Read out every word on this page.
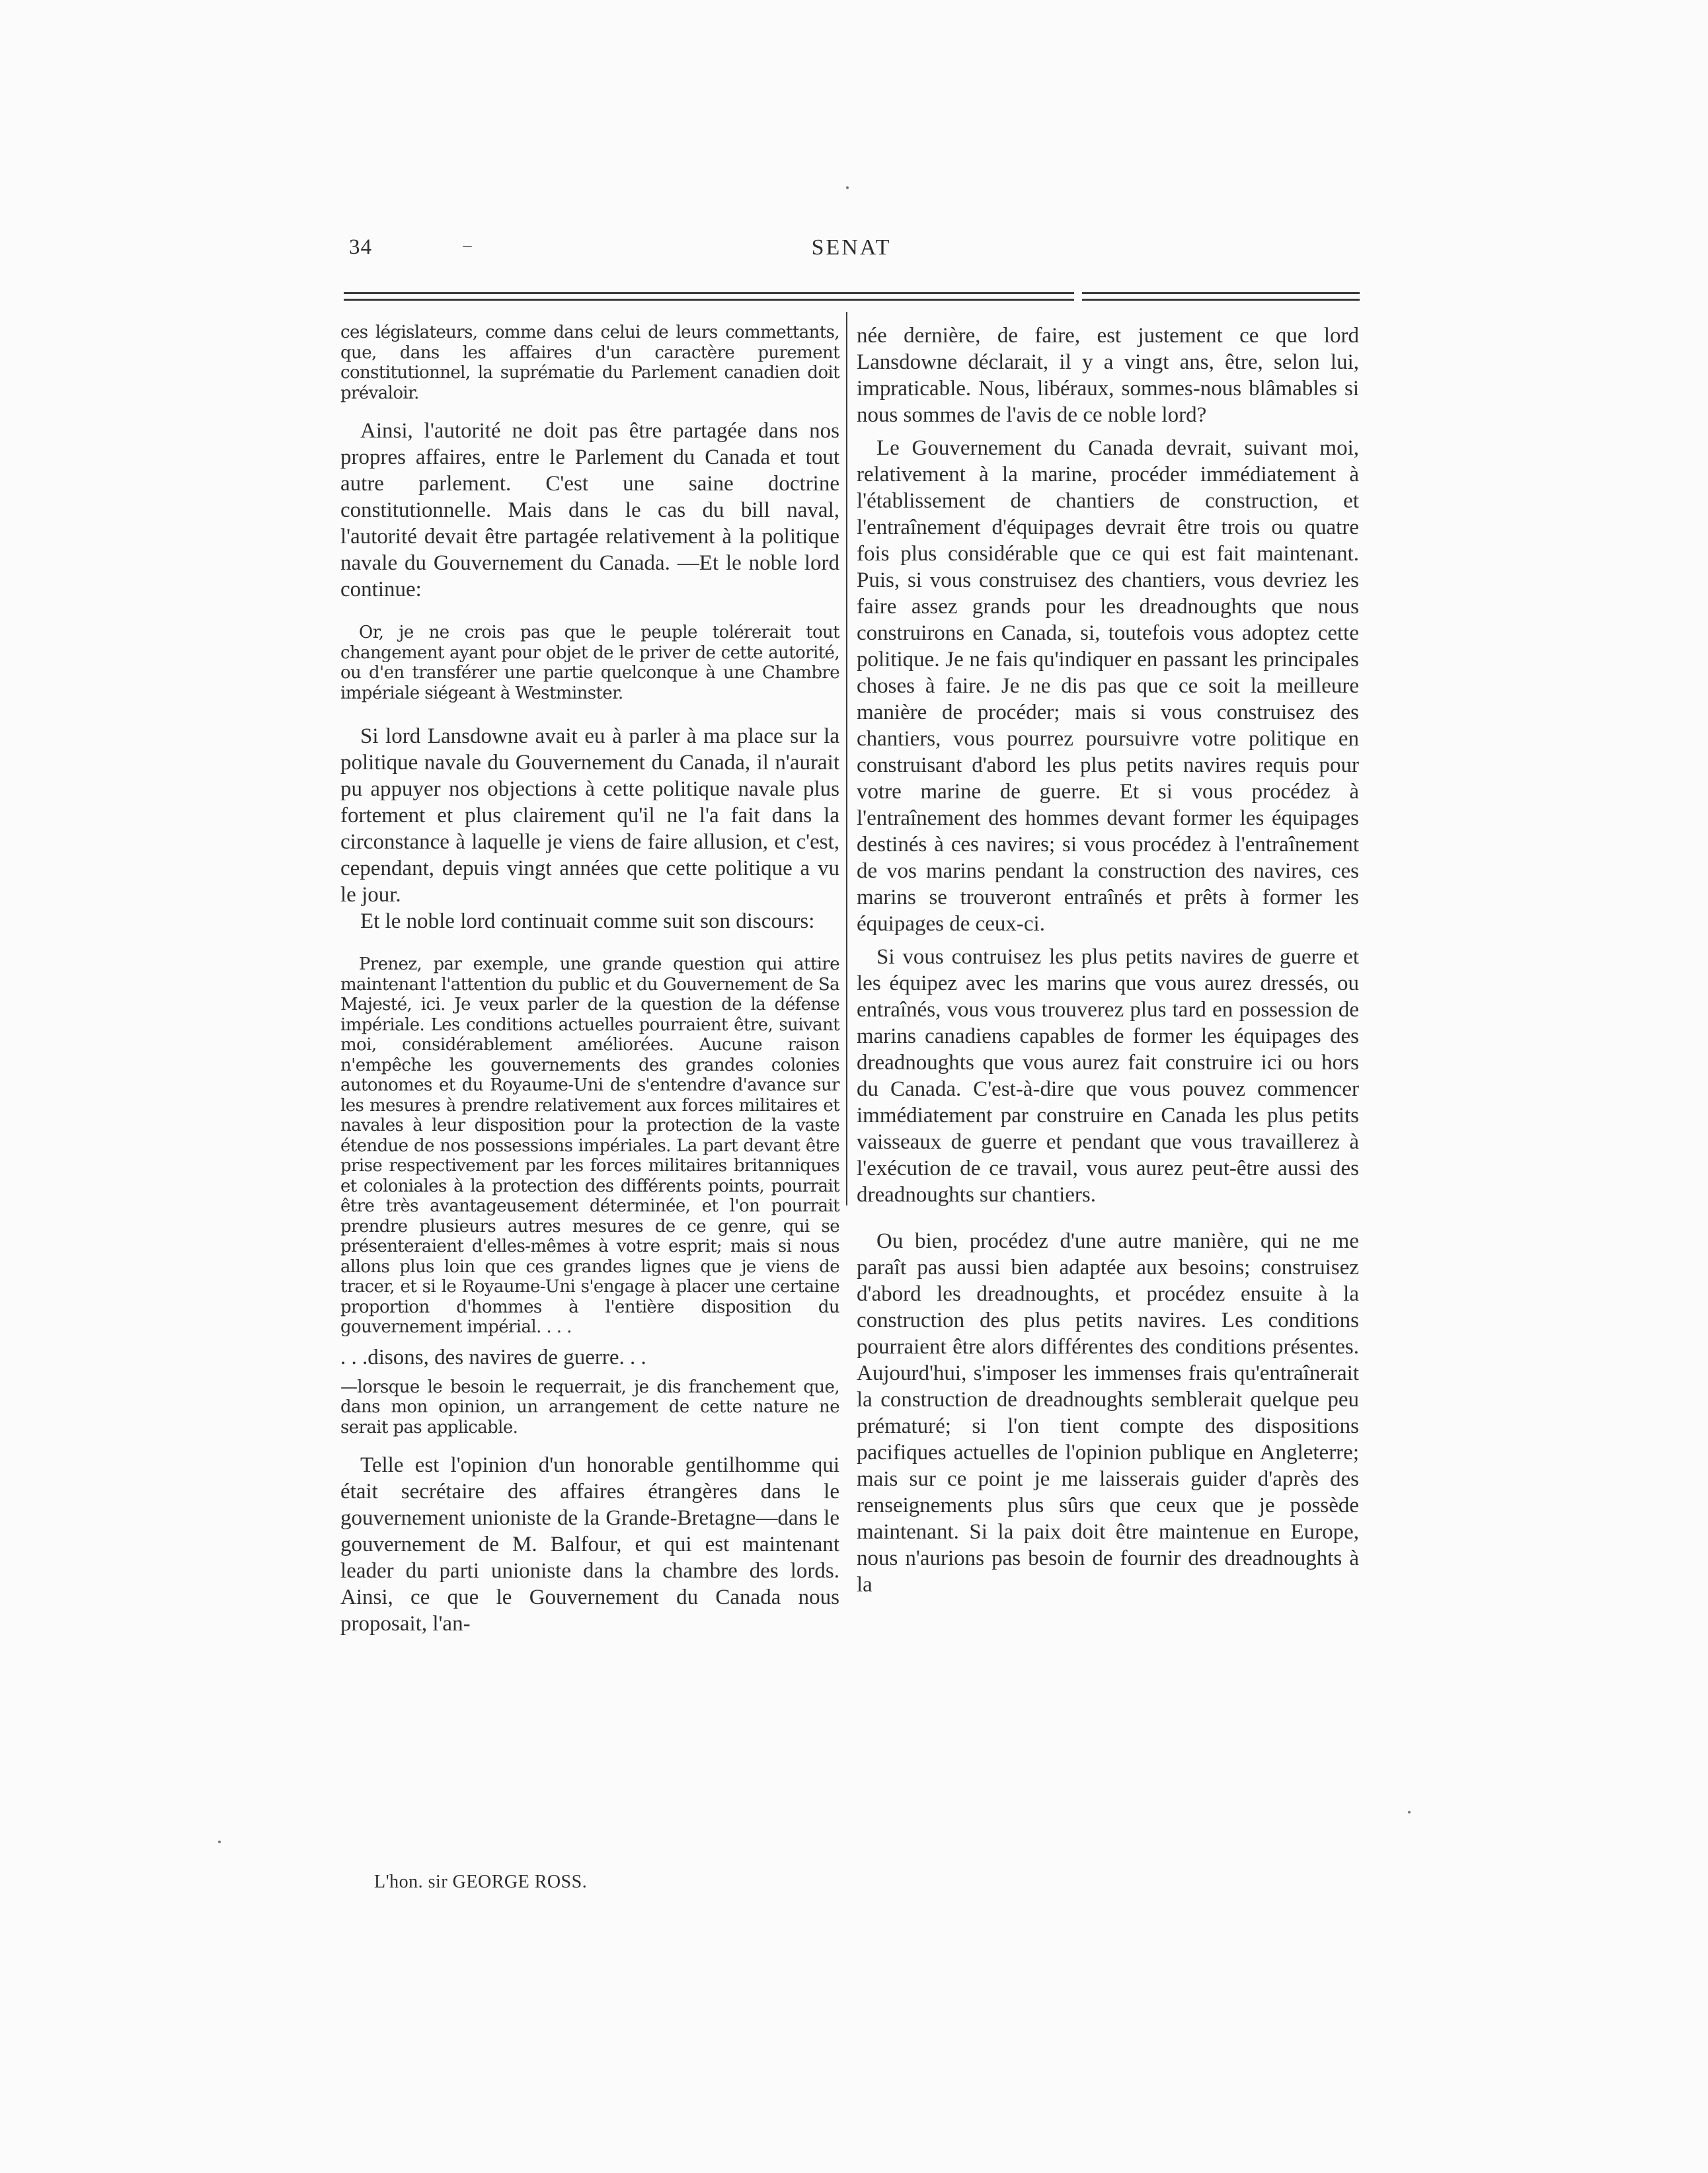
34	SENAT

ces législateurs, comme dans celui de leurs commettants, que, dans les affaires d'un caractère purement constitutionnel, la suprématie du Parlement canadien doit prévaloir.

Ainsi, l'autorité ne doit pas être partagée dans nos propres affaires, entre le Parlement du Canada et tout autre parlement. C'est une saine doctrine constitutionnelle. Mais dans le cas du bill naval, l'autorité devait être partagée relativement à la politique navale du Gouvernement du Canada. —Et le noble lord continue:

Or, je ne crois pas que le peuple tolérerait tout changement ayant pour objet de le priver de cette autorité, ou d'en transférer une partie quelconque à une Chambre impériale siégeant à Westminster.

Si lord Lansdowne avait eu à parler à ma place sur la politique navale du Gouvernement du Canada, il n'aurait pu appuyer nos objections à cette politique navale plus fortement et plus clairement qu'il ne l'a fait dans la circonstance à laquelle je viens de faire allusion, et c'est, cependant, depuis vingt années que cette politique a vu le jour.

Et le noble lord continuait comme suit son discours:

Prenez, par exemple, une grande question qui attire maintenant l'attention du public et du Gouvernement de Sa Majesté, ici. Je veux parler de la question de la défense impériale. Les conditions actuelles pourraient être, suivant moi, considérablement améliorées. Aucune raison n'empêche les gouvernements des grandes colonies autonomes et du Royaume-Uni de s'entendre d'avance sur les mesures à prendre relativement aux forces militaires et navales à leur disposition pour la protection de la vaste étendue de nos possessions impériales. La part devant être prise respectivement par les forces militaires britanniques et coloniales à la protection des différents points, pourrait être très avantageusement déterminée, et l'on pourrait prendre plusieurs autres mesures de ce genre, qui se présenteraient d'elles-mêmes à votre esprit; mais si nous allons plus loin que ces grandes lignes que je viens de tracer, et si le Royaume-Uni s'engage à placer une certaine proportion d'hommes à l'entière disposition du gouvernement impérial. . . .

. . .disons, des navires de guerre. . .

—lorsque le besoin le requerrait, je dis franchement que, dans mon opinion, un arrangement de cette nature ne serait pas applicable.

Telle est l'opinion d'un honorable gentilhomme qui était secrétaire des affaires étrangères dans le gouvernement unioniste de la Grande-Bretagne—dans le gouvernement de M. Balfour, et qui est maintenant leader du parti unioniste dans la chambre des lords. Ainsi, ce que le Gouvernement du Canada nous proposait, l'an-

née dernière, de faire, est justement ce que lord Lansdowne déclarait, il y a vingt ans, être, selon lui, impraticable. Nous, libéraux, sommes-nous blâmables si nous sommes de l'avis de ce noble lord?

Le Gouvernement du Canada devrait, suivant moi, relativement à la marine, procéder immédiatement à l'établissement de chantiers de construction, et l'entraînement d'équipages devrait être trois ou quatre fois plus considérable que ce qui est fait maintenant. Puis, si vous construisez des chantiers, vous devriez les faire assez grands pour les dreadnoughts que nous construirons en Canada, si, toutefois vous adoptez cette politique. Je ne fais qu'indiquer en passant les principales choses à faire. Je ne dis pas que ce soit la meilleure manière de procéder; mais si vous construisez des chantiers, vous pourrez poursuivre votre politique en construisant d'abord les plus petits navires requis pour votre marine de guerre. Et si vous procédez à l'entraînement des hommes devant former les équipages destinés à ces navires; si vous procédez à l'entraînement de vos marins pendant la construction des navires, ces marins se trouveront entraînés et prêts à former les équipages de ceux-ci.

Si vous contruisez les plus petits navires de guerre et les équipez avec les marins que vous aurez dressés, ou entraînés, vous vous trouverez plus tard en possession de marins canadiens capables de former les équipages des dreadnoughts que vous aurez fait construire ici ou hors du Canada. C'est-à-dire que vous pouvez commencer immédiatement par construire en Canada les plus petits vaisseaux de guerre et pendant que vous travaillerez à l'exécution de ce travail, vous aurez peut-être aussi des dreadnoughts sur chantiers.

Ou bien, procédez d'une autre manière, qui ne me paraît pas aussi bien adaptée aux besoins; construisez d'abord les dreadnoughts, et procédez ensuite à la construction des plus petits navires. Les conditions pourraient être alors différentes des conditions présentes. Aujourd'hui, s'imposer les immenses frais qu'entraînerait la construction de dreadnoughts semblerait quelque peu prématuré; si l'on tient compte des dispositions pacifiques actuelles de l'opinion publique en Angleterre; mais sur ce point je me laisserais guider d'après des renseignements plus sûrs que ceux que je possède maintenant. Si la paix doit être maintenue en Europe, nous n'aurions pas besoin de fournir des dreadnoughts à la

L'hon. sir GEORGE ROSS.
